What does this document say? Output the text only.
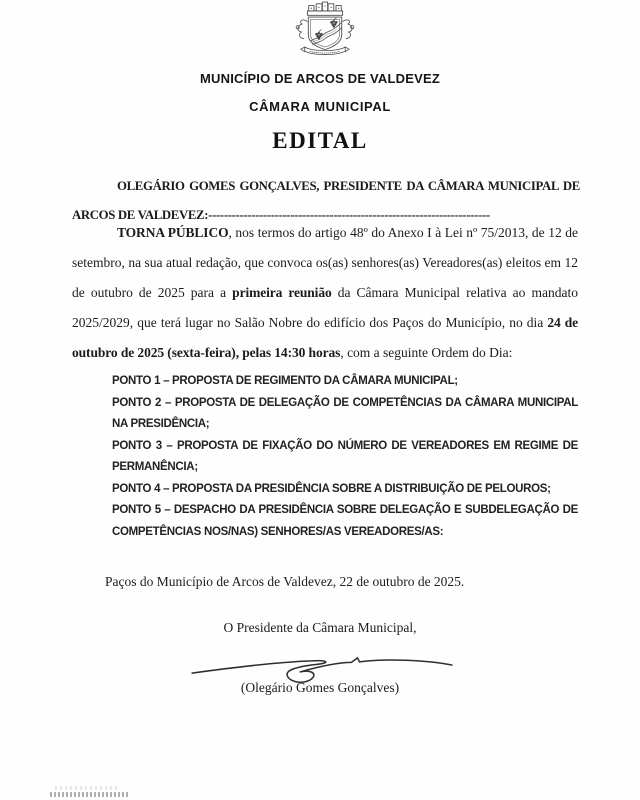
MUNICÍPIO DE ARCOS DE VALDEVEZ
CÂMARA MUNICIPAL
EDITAL

OLEGÁRIO GOMES GONÇALVES, PRESIDENTE DA CÂMARA MUNICIPAL DE ARCOS DE VALDEVEZ:------------------------------------------------------------------------

TORNA PÚBLICO, nos termos do artigo 48º do Anexo I à Lei nº 75/2013, de 12 de setembro, na sua atual redação, que convoca os(as) senhores(as) Vereadores(as) eleitos em 12 de outubro de 2025 para a primeira reunião da Câmara Municipal relativa ao mandato 2025/2029, que terá lugar no Salão Nobre do edifício dos Paços do Município, no dia 24 de outubro de 2025 (sexta-feira), pelas 14:30 horas, com a seguinte Ordem do Dia:

PONTO 1 – PROPOSTA DE REGIMENTO DA CÂMARA MUNICIPAL;

PONTO 2 – PROPOSTA DE DELEGAÇÃO DE COMPETÊNCIAS DA CÂMARA MUNICIPAL NA PRESIDÊNCIA;

PONTO 3 – PROPOSTA DE FIXAÇÃO DO NÚMERO DE VEREADORES EM REGIME DE PERMANÊNCIA;

PONTO 4 – PROPOSTA DA PRESIDÊNCIA SOBRE A DISTRIBUIÇÃO DE PELOUROS;

PONTO 5 – DESPACHO DA PRESIDÊNCIA SOBRE DELEGAÇÃO E SUBDELEGAÇÃO DE COMPETÊNCIAS NOS/NAS) SENHORES/AS VEREADORES/AS:

Paços do Município de Arcos de Valdevez, 22 de outubro de 2025.

O Presidente da Câmara Municipal,

(Olegário Gomes Gonçalves)
